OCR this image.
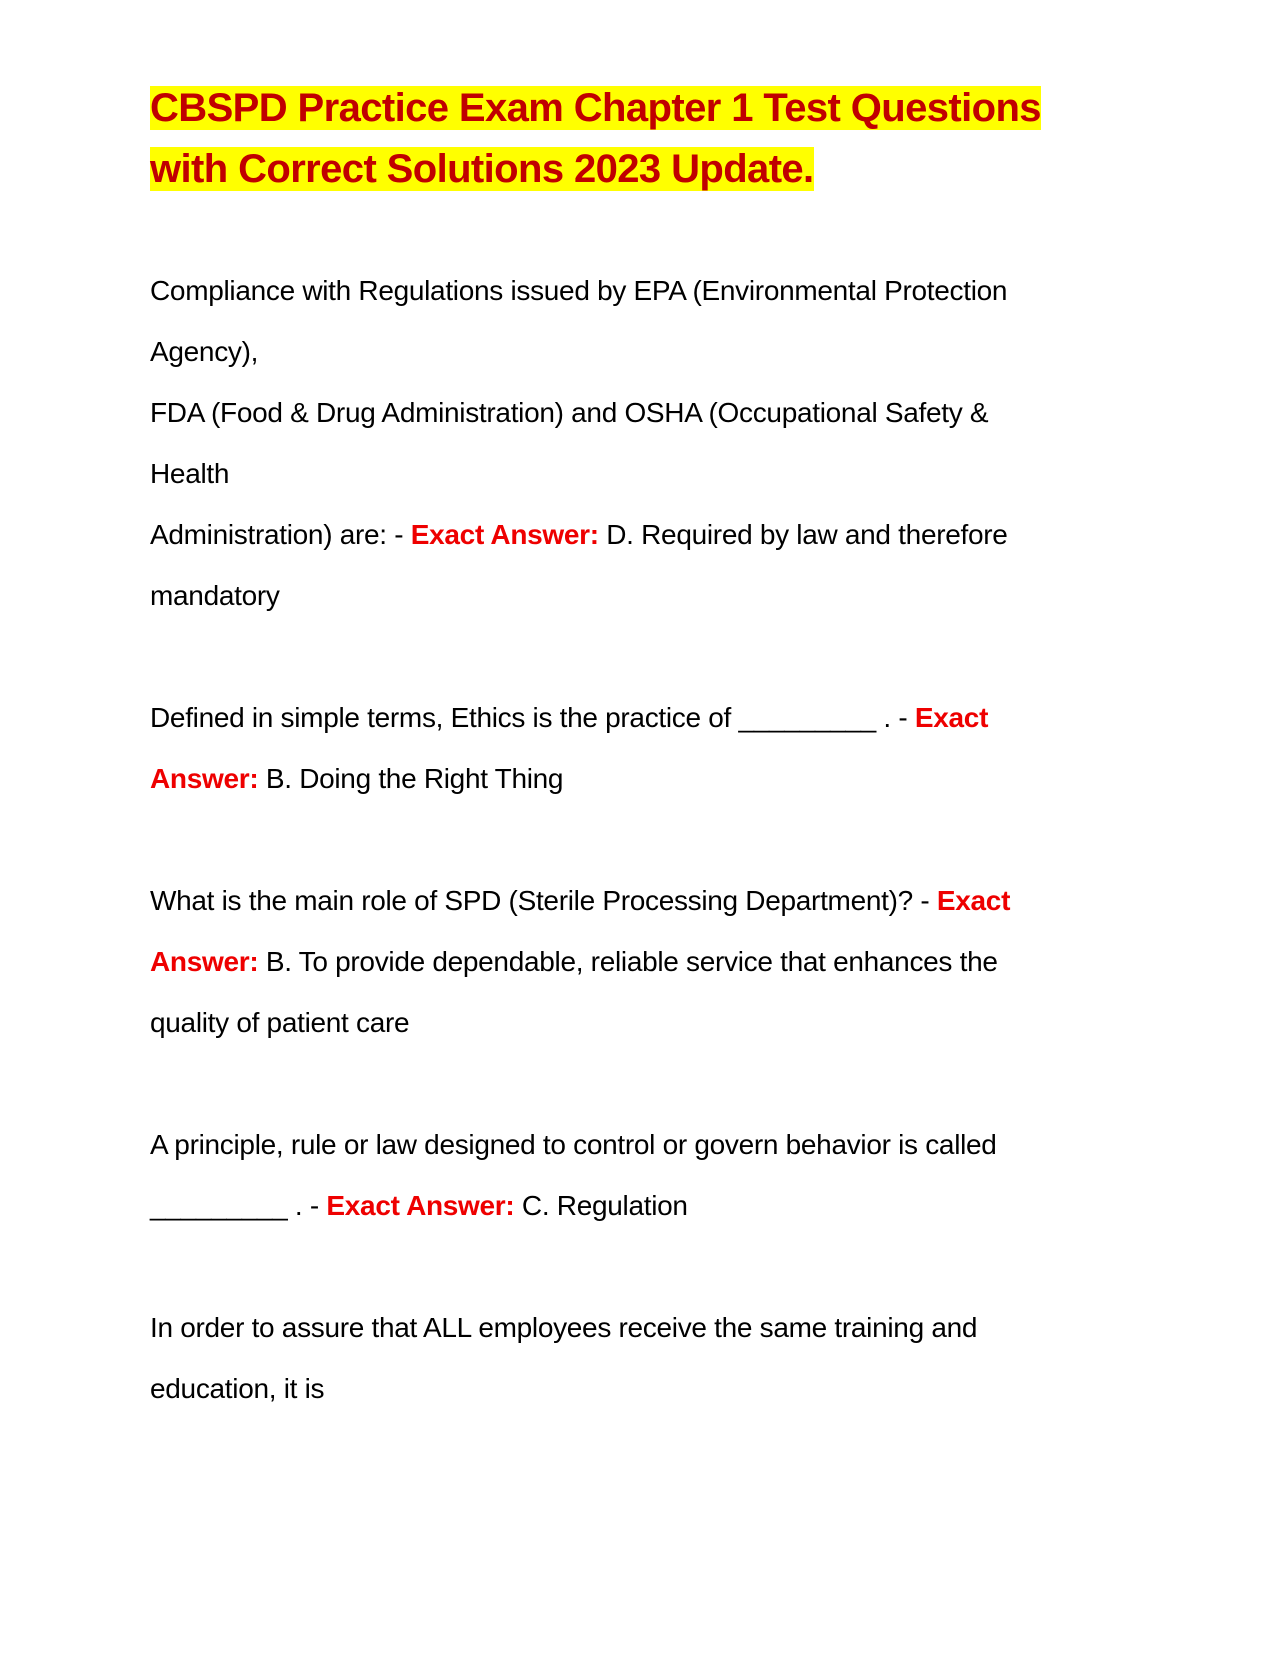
CBSPD Practice Exam Chapter 1 Test Questions
with Correct Solutions 2023 Update.
Compliance with Regulations issued by EPA (Environmental Protection
Agency),
FDA (Food & Drug Administration) and OSHA (Occupational Safety &
Health
Administration) are: - Exact Answer: D. Required by law and therefore
mandatory
Defined in simple terms, Ethics is the practice of _________ . - Exact
Answer: B. Doing the Right Thing
What is the main role of SPD (Sterile Processing Department)? - Exact
Answer: B. To provide dependable, reliable service that enhances the
quality of patient care
A principle, rule or law designed to control or govern behavior is called
_________ . - Exact Answer: C. Regulation
In order to assure that ALL employees receive the same training and
education, it is
